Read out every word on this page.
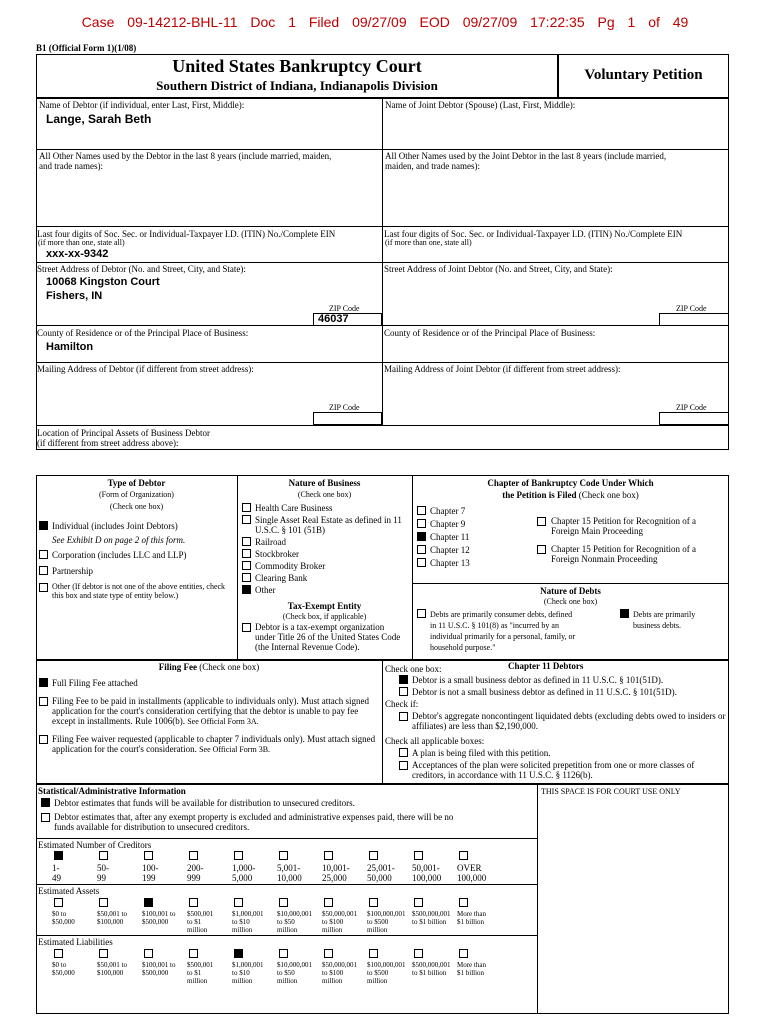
Case 09-14212-BHL-11 Doc 1 Filed 09/27/09 EOD 09/27/09 17:22:35 Pg 1 of 49
B1 (Official Form 1)(1/08)
United States Bankruptcy Court
Southern District of Indiana, Indianapolis Division
Voluntary Petition
Name of Debtor (if individual, enter Last, First, Middle):
Lange, Sarah Beth
All Other Names used by the Debtor in the last 8 years (include married, maiden, and trade names):
Last four digits of Soc. Sec. or Individual-Taxpayer I.D. (ITIN) No./Complete EIN
(if more than one, state all)
xxx-xx-9342
Street Address of Debtor (No. and Street, City, and State):
10068 Kingston Court
Fishers, IN
ZIP Code
46037
County of Residence or of the Principal Place of Business:
Hamilton
Mailing Address of Debtor (if different from street address):
ZIP Code
Location of Principal Assets of Business Debtor
(if different from street address above):
Name of Joint Debtor (Spouse) (Last, First, Middle):
All Other Names used by the Joint Debtor in the last 8 years (include married, maiden, and trade names):
Last four digits of Soc. Sec. or Individual-Taxpayer I.D. (ITIN) No./Complete EIN
(if more than one, state all)
Street Address of Joint Debtor (No. and Street, City, and State):
ZIP Code
County of Residence or of the Principal Place of Business:
Mailing Address of Joint Debtor (if different from street address):
ZIP Code
Type of Debtor
(Form of Organization)
(Check one box)
Individual (includes Joint Debtors)
See Exhibit D on page 2 of this form.
Corporation (includes LLC and LLP)
Partnership
Other (If debtor is not one of the above entities, check this box and state type of entity below.)
Nature of Business
(Check one box)
Health Care Business
Single Asset Real Estate as defined in 11 U.S.C. § 101 (51B)
Railroad
Stockbroker
Commodity Broker
Clearing Bank
Other
Tax-Exempt Entity
(Check box, if applicable)
Debtor is a tax-exempt organization under Title 26 of the United States Code (the Internal Revenue Code).
Chapter of Bankruptcy Code Under Which
the Petition is Filed (Check one box)
Chapter 7
Chapter 9
Chapter 11
Chapter 12
Chapter 13
Chapter 15 Petition for Recognition of a Foreign Main Proceeding
Chapter 15 Petition for Recognition of a Foreign Nonmain Proceeding
Nature of Debts
(Check one box)
Debts are primarily consumer debts, defined in 11 U.S.C. § 101(8) as "incurred by an individual primarily for a personal, family, or household purpose."
Debts are primarily business debts.
Filing Fee (Check one box)
Full Filing Fee attached
Filing Fee to be paid in installments (applicable to individuals only). Must attach signed application for the court's consideration certifying that the debtor is unable to pay fee except in installments. Rule 1006(b). See Official Form 3A.
Filing Fee waiver requested (applicable to chapter 7 individuals only). Must attach signed application for the court's consideration. See Official Form 3B.
Check one box:	Chapter 11 Debtors
Debtor is a small business debtor as defined in 11 U.S.C. § 101(51D).
Debtor is not a small business debtor as defined in 11 U.S.C. § 101(51D).
Check if:
Debtor's aggregate noncontingent liquidated debts (excluding debts owed to insiders or affiliates) are less than $2,190,000.
Check all applicable boxes:
A plan is being filed with this petition.
Acceptances of the plan were solicited prepetition from one or more classes of creditors, in accordance with 11 U.S.C. § 1126(b).
Statistical/Administrative Information	THIS SPACE IS FOR COURT USE ONLY
Debtor estimates that funds will be available for distribution to unsecured creditors.
Debtor estimates that, after any exempt property is excluded and administrative expenses paid, there will be no funds available for distribution to unsecured creditors.
Estimated Number of Creditors
1-
49
50-
99
100-
199
200-
999
1,000-
5,000
5,001-
10,000
10,001-
25,000
25,001-
50,000
50,001-
100,000
OVER
100,000
Estimated Assets
$0 to
$50,000
$50,001 to
$100,000
$100,001 to
$500,000
$500,001
to $1
million
$1,000,001
to $10
million
$10,000,001
to $50
million
$50,000,001
to $100
million
$100,000,001
to $500
million
$500,000,001
to $1 billion
More than
$1 billion
Estimated Liabilities
$0 to
$50,000
$50,001 to
$100,000
$100,001 to
$500,000
$500,001
to $1
million
$1,000,001
to $10
million
$10,000,001
to $50
million
$50,000,001
to $100
million
$100,000,001
to $500
million
$500,000,001
to $1 billion
More than
$1 billion
